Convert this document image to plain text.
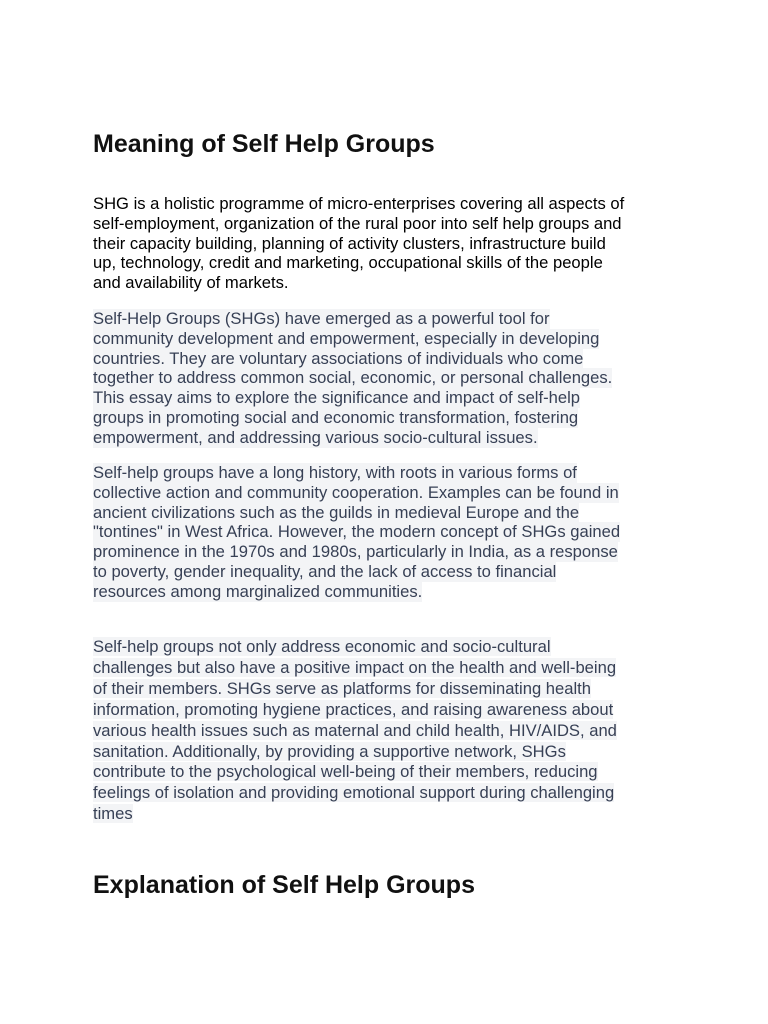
Meaning of Self Help Groups

SHG is a holistic programme of micro-enterprises covering all aspects of
self-employment, organization of the rural poor into self help groups and
their capacity building, planning of activity clusters, infrastructure build
up, technology, credit and marketing, occupational skills of the people
and availability of markets.

Self-Help Groups (SHGs) have emerged as a powerful tool for
community development and empowerment, especially in developing
countries. They are voluntary associations of individuals who come
together to address common social, economic, or personal challenges.
This essay aims to explore the significance and impact of self-help
groups in promoting social and economic transformation, fostering
empowerment, and addressing various socio-cultural issues.

Self-help groups have a long history, with roots in various forms of
collective action and community cooperation. Examples can be found in
ancient civilizations such as the guilds in medieval Europe and the
"tontines" in West Africa. However, the modern concept of SHGs gained
prominence in the 1970s and 1980s, particularly in India, as a response
to poverty, gender inequality, and the lack of access to financial
resources among marginalized communities.

Self-help groups not only address economic and socio-cultural
challenges but also have a positive impact on the health and well-being
of their members. SHGs serve as platforms for disseminating health
information, promoting hygiene practices, and raising awareness about
various health issues such as maternal and child health, HIV/AIDS, and
sanitation. Additionally, by providing a supportive network, SHGs
contribute to the psychological well-being of their members, reducing
feelings of isolation and providing emotional support during challenging
times

Explanation of Self Help Groups
